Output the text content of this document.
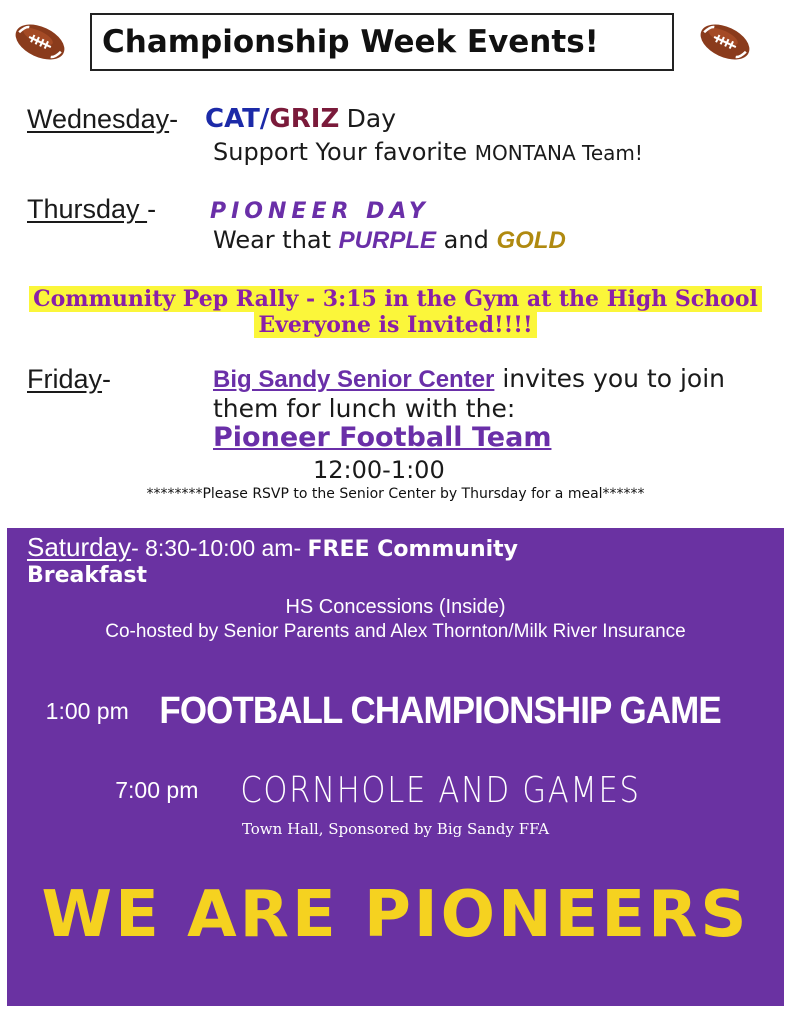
Championship Week Events!
Wednesday- CAT/GRIZ Day
Support Your favorite MONTANA Team!
Thursday - PIONEER DAY
Wear that PURPLE and GOLD
Community Pep Rally - 3:15 in the Gym at the High School
Everyone is Invited!!!!
Friday-	Big Sandy Senior Center invites you to join
them for lunch with the:
Pioneer Football Team
12:00-1:00
********Please RSVP to the Senior Center by Thursday for a meal******
Saturday- 8:30-10:00 am- FREE Community
Breakfast
HS Concessions (Inside)
Co-hosted by Senior Parents and Alex Thornton/Milk River Insurance
1:00 pm FOOTBALL CHAMPIONSHIP GAME
7:00 pm CORNHOLE AND GAMES
Town Hall, Sponsored by Big Sandy FFA
WE ARE PIONEERS
